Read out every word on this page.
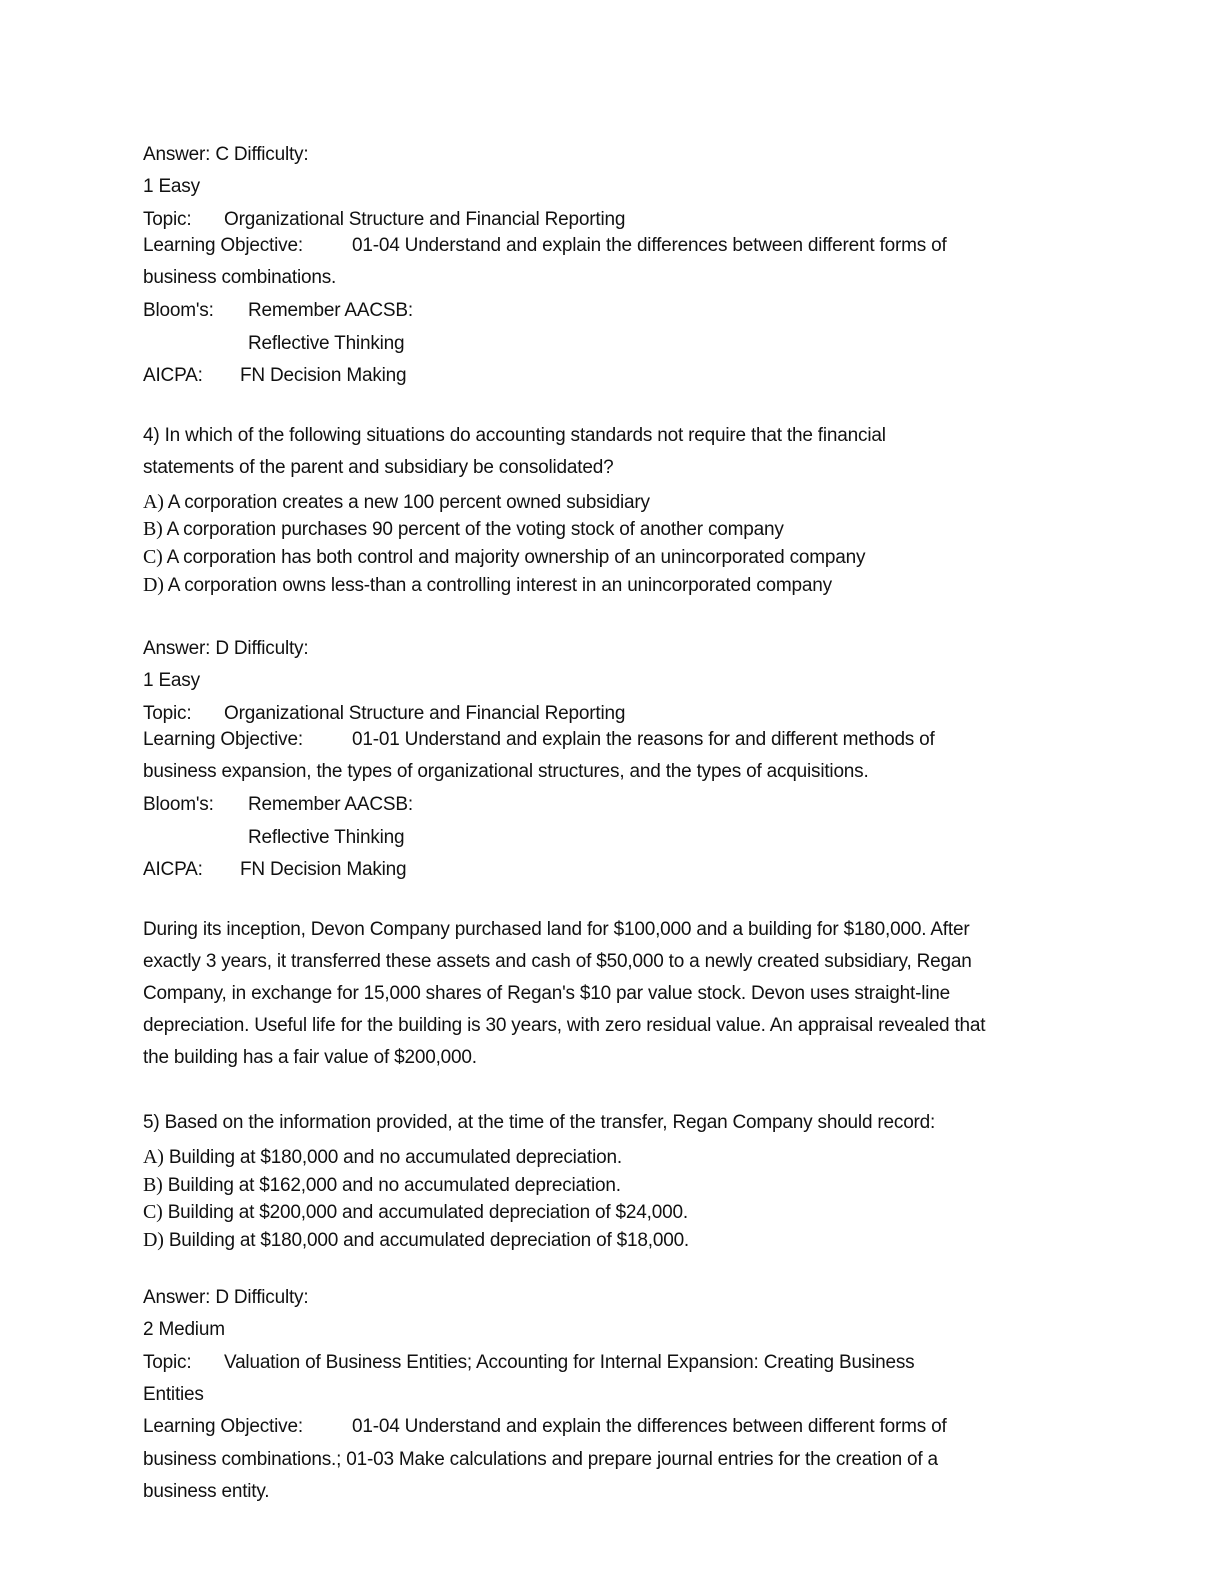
Answer: C Difficulty:
1 Easy
Topic: Organizational Structure and Financial Reporting
Learning Objective:	01-04 Understand and explain the differences between different forms of
business combinations.
Bloom's: Remember AACSB:
Reflective Thinking
AICPA: FN Decision Making
4) In which of the following situations do accounting standards not require that the financial
statements of the parent and subsidiary be consolidated?
A) A corporation creates a new 100 percent owned subsidiary
B) A corporation purchases 90 percent of the voting stock of another company
C) A corporation has both control and majority ownership of an unincorporated company
D) A corporation owns less-than a controlling interest in an unincorporated company
Answer: D Difficulty:
1 Easy
Topic: Organizational Structure and Financial Reporting
Learning Objective:	01-01 Understand and explain the reasons for and different methods of
business expansion, the types of organizational structures, and the types of acquisitions.
Bloom's: Remember AACSB:
Reflective Thinking
AICPA: FN Decision Making
During its inception, Devon Company purchased land for $100,000 and a building for $180,000. After
exactly 3 years, it transferred these assets and cash of $50,000 to a newly created subsidiary, Regan
Company, in exchange for 15,000 shares of Regan's $10 par value stock. Devon uses straight-line
depreciation. Useful life for the building is 30 years, with zero residual value. An appraisal revealed that
the building has a fair value of $200,000.
5) Based on the information provided, at the time of the transfer, Regan Company should record:
A) Building at $180,000 and no accumulated depreciation.
B) Building at $162,000 and no accumulated depreciation.
C) Building at $200,000 and accumulated depreciation of $24,000.
D) Building at $180,000 and accumulated depreciation of $18,000.
Answer: D Difficulty:
2 Medium
Topic: Valuation of Business Entities; Accounting for Internal Expansion: Creating Business
Entities
Learning Objective:	01-04 Understand and explain the differences between different forms of
business combinations.; 01-03 Make calculations and prepare journal entries for the creation of a
business entity.
